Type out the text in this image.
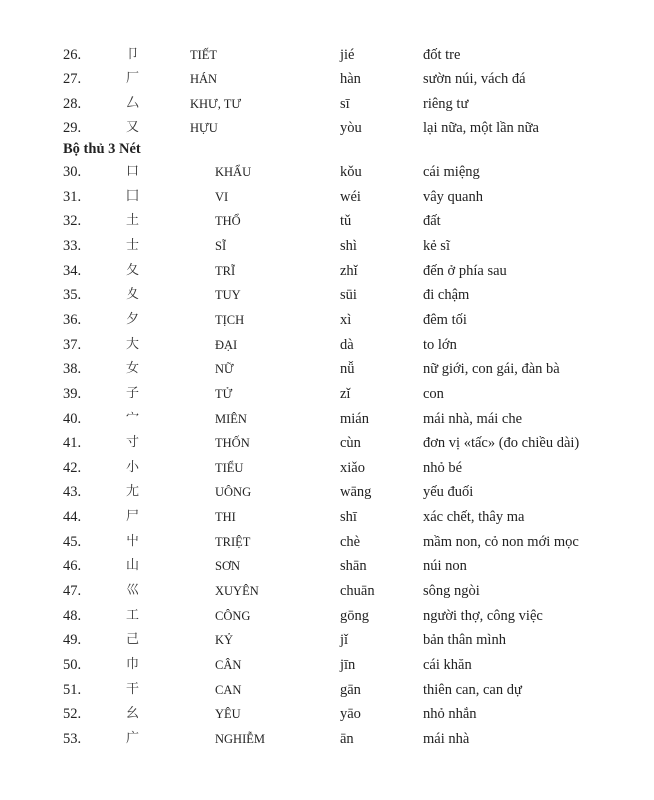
26.	卩	TIẾT	jié	đốt tre
27.	厂	HÁN	hàn	sườn núi, vách đá
28.	厶	KHƯ, TƯ	sī	riêng tư
29.	又	HỰU	yòu	lại nữa, một lần nữa
Bộ thủ 3 Nét
30.	口	KHẨU	kǒu	cái miệng
31.	囗	VI	wéi	vây quanh
32.	土	THỔ	tǔ	đất
33.	士	SĨ	shì	kẻ sĩ
34.	夂	TRĨ	zhǐ	đến ở phía sau
35.	夊	TUY	sūi	đi chậm
36.	夕	TỊCH	xì	đêm tối
37.	大	ĐẠI	dà	to lớn
38.	女	NỮ	nǚ	nữ giới, con gái, đàn bà
39.	子	TỬ	zǐ	con
40.	宀	MIÊN	mián	mái nhà, mái che
41.	寸	THỐN	cùn	đơn vị «tấc» (đo chiều dài)
42.	小	TIỂU	xiǎo	nhỏ bé
43.	尢	UÔNG	wāng	yếu đuối
44.	尸	THI	shī	xác chết, thây ma
45.	屮	TRIỆT	chè	mầm non, cỏ non mới mọc
46.	山	SƠN	shān	núi non
47.	巛	XUYÊN	chuān	sông ngòi
48.	工	CÔNG	gōng	người thợ, công việc
49.	己	KỶ	jǐ	bản thân mình
50.	巾	CÂN	jīn	cái khăn
51.	干	CAN	gān	thiên can, can dự
52.	幺	YÊU	yāo	nhỏ nhắn
53.	广	NGHIỄM	ān	mái nhà
